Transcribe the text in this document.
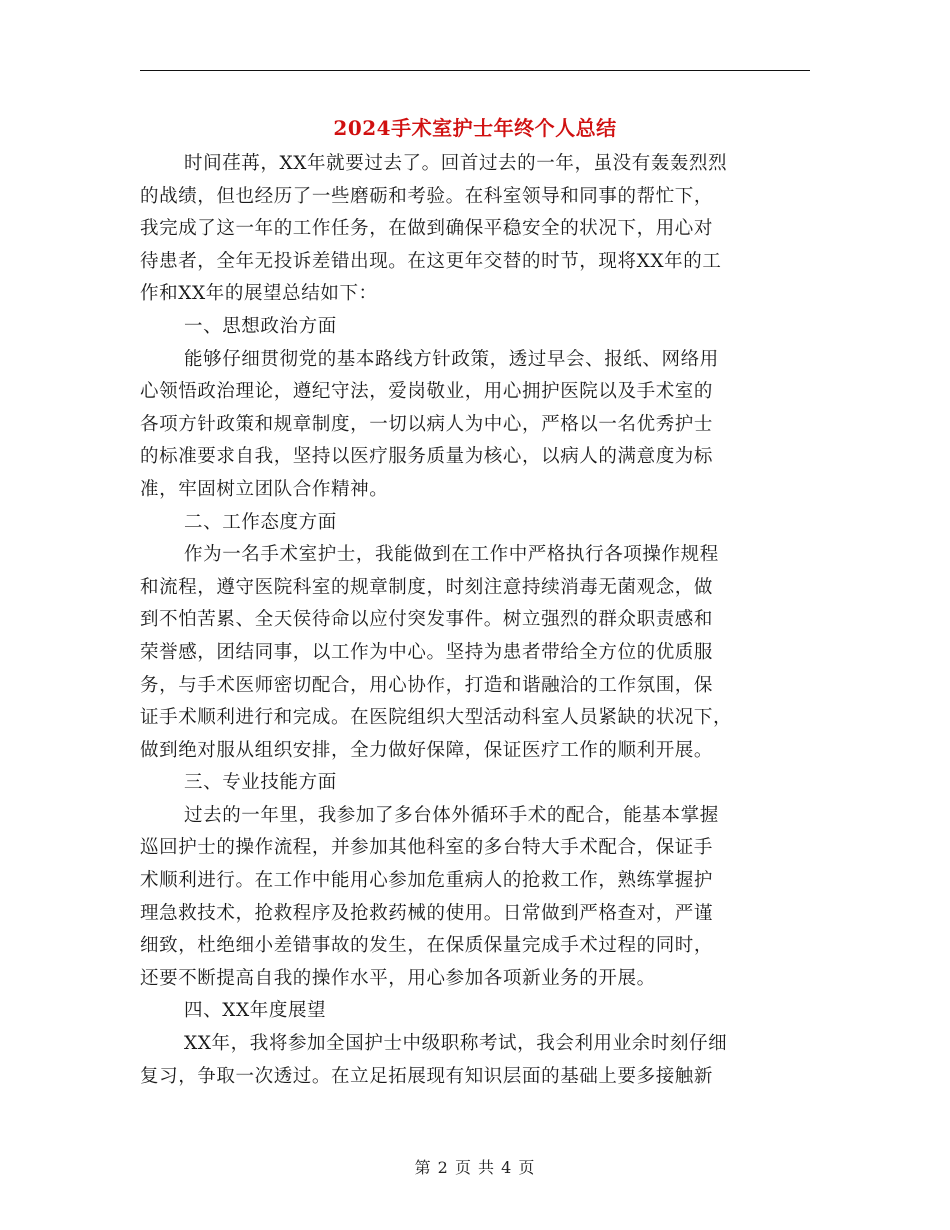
2024手术室护士年终个人总结
时间荏苒，XX年就要过去了。回首过去的一年，虽没有轰轰烈烈
的战绩，但也经历了一些磨砺和考验。在科室领导和同事的帮忙下，
我完成了这一年的工作任务，在做到确保平稳安全的状况下，用心对
待患者，全年无投诉差错出现。在这更年交替的时节，现将XX年的工
作和XX年的展望总结如下：
一、思想政治方面
能够仔细贯彻党的基本路线方针政策，透过早会、报纸、网络用
心领悟政治理论，遵纪守法，爱岗敬业，用心拥护医院以及手术室的
各项方针政策和规章制度，一切以病人为中心，严格以一名优秀护士
的标准要求自我，坚持以医疗服务质量为核心，以病人的满意度为标
准，牢固树立团队合作精神。
二、工作态度方面
作为一名手术室护士，我能做到在工作中严格执行各项操作规程
和流程，遵守医院科室的规章制度，时刻注意持续消毒无菌观念，做
到不怕苦累、全天侯待命以应付突发事件。树立强烈的群众职责感和
荣誉感，团结同事，以工作为中心。坚持为患者带给全方位的优质服
务，与手术医师密切配合，用心协作，打造和谐融洽的工作氛围，保
证手术顺利进行和完成。在医院组织大型活动科室人员紧缺的状况下，
做到绝对服从组织安排，全力做好保障，保证医疗工作的顺利开展。
三、专业技能方面
过去的一年里，我参加了多台体外循环手术的配合，能基本掌握
巡回护士的操作流程，并参加其他科室的多台特大手术配合，保证手
术顺利进行。在工作中能用心参加危重病人的抢救工作，熟练掌握护
理急救技术，抢救程序及抢救药械的使用。日常做到严格查对，严谨
细致，杜绝细小差错事故的发生，在保质保量完成手术过程的同时，
还要不断提高自我的操作水平，用心参加各项新业务的开展。
四、XX年度展望
XX年，我将参加全国护士中级职称考试，我会利用业余时刻仔细
复习，争取一次透过。在立足拓展现有知识层面的基础上要多接触新
第 2 页 共 4 页
